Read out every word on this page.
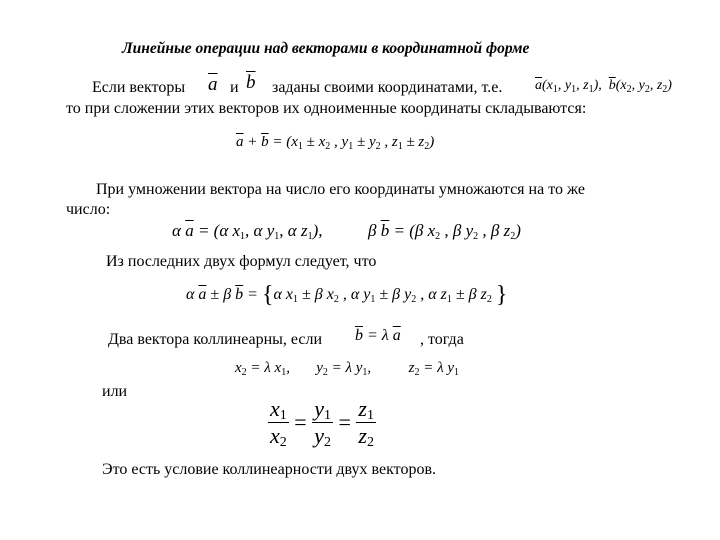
Линейные операции над векторами в координатной форме
Если векторы $\overline{a}$ и $\overline{b}$ заданы своими координатами, т.е. $\overline{a}(x_1$, $y_1$, $z_1$),  $\overline{b}(x_2$, $y_2$, $z_2$)
то при сложении этих векторов их одноименные координаты складываются:
$\overline{a} + \overline{b} = (x_1 \pm x_2$ , $y_1 \pm y_2$ , $z_1 \pm z_2$)
При умножении вектора на число его координаты умножаются на то же
число:
α $\overline{a} = (\alpha$ $x_1$, α $y_1$, α $z_1$),	β $\overline{b} = (\beta$ $x_2$ , β $y_2$ , β $z_2$)
Из последних двух формул следует, что
α $\overline{a} \pm \beta$ $\overline{b} = \{\alpha$ $x_1 \pm \beta$ $x_2$ , α $y_1 \pm \beta$ $y_2$ , α $z_1 \pm \beta$ $z_2$ }
Два вектора коллинеарны, если $\overline{b} = \lambda$ $\overline{a}$ , тогда
$x_2 = \lambda$ $x_1$,       $y_2 = \lambda$ $y_1$,          $z_2 = \lambda$ $y_1$
или
$\frac{x_1}{x_2} = \frac{y_1}{y_2} = \frac{z_1}{z_2}$
Это есть условие коллинеарности двух векторов.
